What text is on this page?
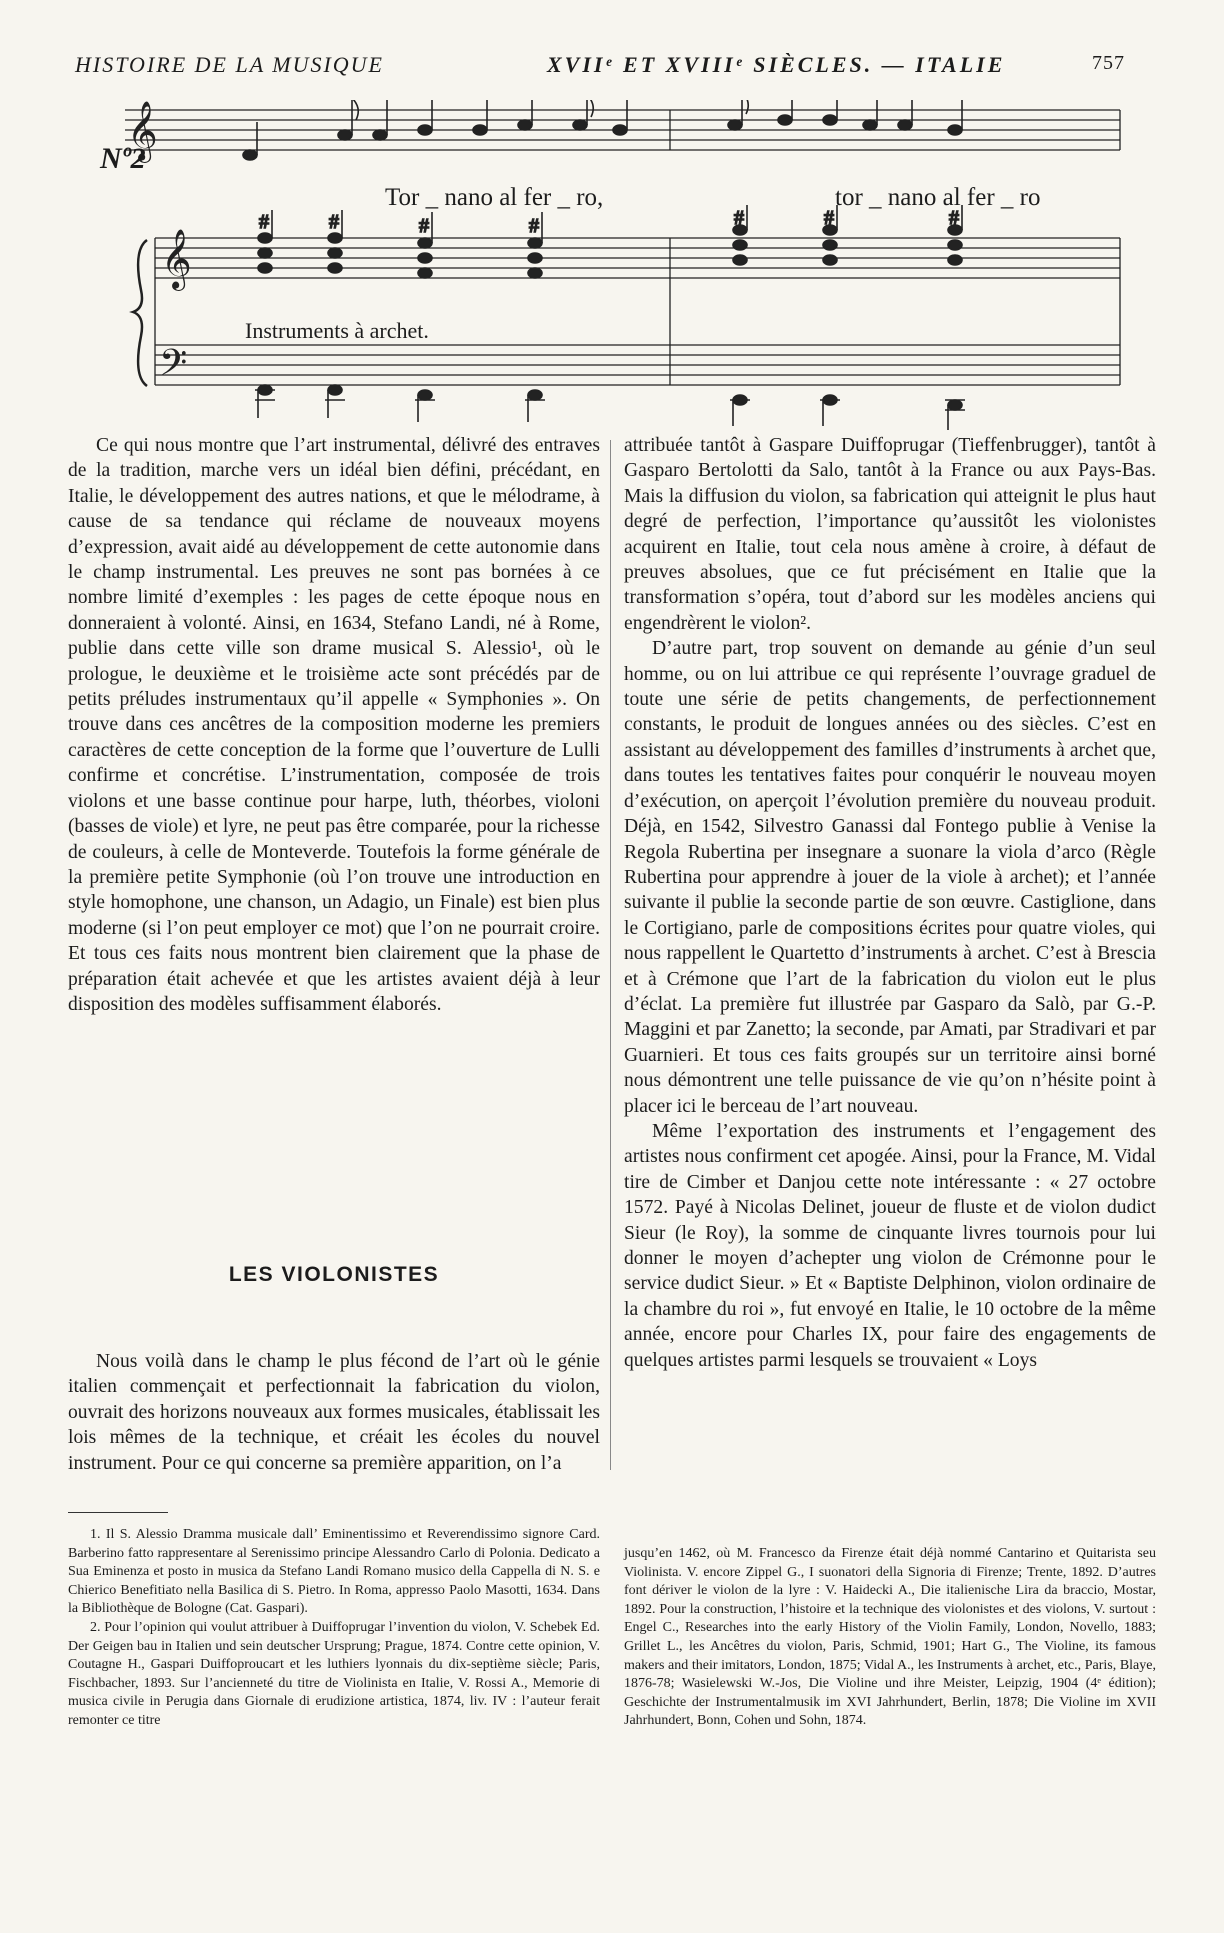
HISTOIRE DE LA MUSIQUE	XVIIᵉ ET XVIIIᵉ SIÈCLES. — ITALIE	757
𝄞
𝄞
𝄢
#	#	#	#	#	#	#
Nº2
Tor _ nano al fer _ ro,	tor _ nano al fer _ ro
Instruments à archet.

Ce qui nous montre que l’art instrumental, délivré des entraves de la tradition, marche vers un idéal bien défini, précédant, en Italie, le développement des autres nations, et que le mélodrame, à cause de sa tendance qui réclame de nouveaux moyens d’expression, avait aidé au développement de cette autonomie dans le champ instrumental. Les preuves ne sont pas bornées à ce nombre limité d’exemples : les pages de cette époque nous en donneraient à volonté. Ainsi, en 1634, Stefano Landi, né à Rome, publie dans cette ville son drame musical S. Alessio¹, où le prologue, le deuxième et le troisième acte sont précédés par de petits préludes instrumentaux qu’il appelle « Symphonies ». On trouve dans ces ancêtres de la composition moderne les premiers caractères de cette conception de la forme que l’ouverture de Lulli confirme et concrétise. L’instrumentation, composée de trois violons et une basse continue pour harpe, luth, théorbes, violoni (basses de viole) et lyre, ne peut pas être comparée, pour la richesse de couleurs, à celle de Monteverde. Toutefois la forme générale de la première petite Symphonie (où l’on trouve une introduction en style homophone, une chanson, un Adagio, un Finale) est bien plus moderne (si l’on peut employer ce mot) que l’on ne pourrait croire. Et tous ces faits nous montrent bien clairement que la phase de préparation était achevée et que les artistes avaient déjà à leur disposition des modèles suffisamment élaborés.

LES VIOLONISTES

Nous voilà dans le champ le plus fécond de l’art où le génie italien commençait et perfectionnait la fabrication du violon, ouvrait des horizons nouveaux aux formes musicales, établissait les lois mêmes de la technique, et créait les écoles du nouvel instrument. Pour ce qui concerne sa première apparition, on l’a

attribuée tantôt à Gaspare Duiffoprugar (Tieffenbrugger), tantôt à Gasparo Bertolotti da Salo, tantôt à la France ou aux Pays-Bas. Mais la diffusion du violon, sa fabrication qui atteignit le plus haut degré de perfection, l’importance qu’aussitôt les violonistes acquirent en Italie, tout cela nous amène à croire, à défaut de preuves absolues, que ce fut précisément en Italie que la transformation s’opéra, tout d’abord sur les modèles anciens qui engendrèrent le violon².

D’autre part, trop souvent on demande au génie d’un seul homme, ou on lui attribue ce qui représente l’ouvrage graduel de toute une série de petits changements, de perfectionnement constants, le produit de longues années ou des siècles. C’est en assistant au développement des familles d’instruments à archet que, dans toutes les tentatives faites pour conquérir le nouveau moyen d’exécution, on aperçoit l’évolution première du nouveau produit. Déjà, en 1542, Silvestro Ganassi dal Fontego publie à Venise la Regola Rubertina per insegnare a suonare la viola d’arco (Règle Rubertina pour apprendre à jouer de la viole à archet); et l’année suivante il publie la seconde partie de son œuvre. Castiglione, dans le Cortigiano, parle de compositions écrites pour quatre violes, qui nous rappellent le Quartetto d’instruments à archet. C’est à Brescia et à Crémone que l’art de la fabrication du violon eut le plus d’éclat. La première fut illustrée par Gasparo da Salò, par G.-P. Maggini et par Zanetto; la seconde, par Amati, par Stradivari et par Guarnieri. Et tous ces faits groupés sur un territoire ainsi borné nous démontrent une telle puissance de vie qu’on n’hésite point à placer ici le berceau de l’art nouveau.

Même l’exportation des instruments et l’engagement des artistes nous confirment cet apogée. Ainsi, pour la France, M. Vidal tire de Cimber et Danjou cette note intéressante : « 27 octobre 1572. Payé à Nicolas Delinet, joueur de fluste et de violon dudict Sieur (le Roy), la somme de cinquante livres tournois pour lui donner le moyen d’achepter ung violon de Crémonne pour le service dudict Sieur. » Et « Baptiste Delphinon, violon ordinaire de la chambre du roi », fut envoyé en Italie, le 10 octobre de la même année, encore pour Charles IX, pour faire des engagements de quelques artistes parmi lesquels se trouvaient « Loys

1. Il S. Alessio Dramma musicale dall’ Eminentissimo et Reverendissimo signore Card. Barberino fatto rappresentare al Serenissimo principe Alessandro Carlo di Polonia. Dedicato a Sua Eminenza et posto in musica da Stefano Landi Romano musico della Cappella di N. S. e Chierico Benefitiato nella Basilica di S. Pietro. In Roma, appresso Paolo Masotti, 1634. Dans la Bibliothèque de Bologne (Cat. Gaspari).

2. Pour l’opinion qui voulut attribuer à Duiffoprugar l’invention du violon, V. Schebek Ed. Der Geigen bau in Italien und sein deutscher Ursprung; Prague, 1874. Contre cette opinion, V. Coutagne H., Gaspari Duiffoproucart et les luthiers lyonnais du dix-septième siècle; Paris, Fischbacher, 1893. Sur l’ancienneté du titre de Violinista en Italie, V. Rossi A., Memorie di musica civile in Perugia dans Giornale di erudizione artistica, 1874, liv. IV : l’auteur ferait remonter ce titre

jusqu’en 1462, où M. Francesco da Firenze était déjà nommé Cantarino et Quitarista seu Violinista. V. encore Zippel G., I suonatori della Signoria di Firenze; Trente, 1892. D’autres font dériver le violon de la lyre : V. Haidecki A., Die italienische Lira da braccio, Mostar, 1892. Pour la construction, l’histoire et la technique des violonistes et des violons, V. surtout : Engel C., Researches into the early History of the Violin Family, London, Novello, 1883; Grillet L., les Ancêtres du violon, Paris, Schmid, 1901; Hart G., The Violine, its famous makers and their imitators, London, 1875; Vidal A., les Instruments à archet, etc., Paris, Blaye, 1876-78; Wasielewski W.-Jos, Die Violine und ihre Meister, Leipzig, 1904 (4ᵉ édition); Geschichte der Instrumentalmusik im XVI Jahrhundert, Berlin, 1878; Die Violine im XVII Jahrhundert, Bonn, Cohen und Sohn, 1874.
